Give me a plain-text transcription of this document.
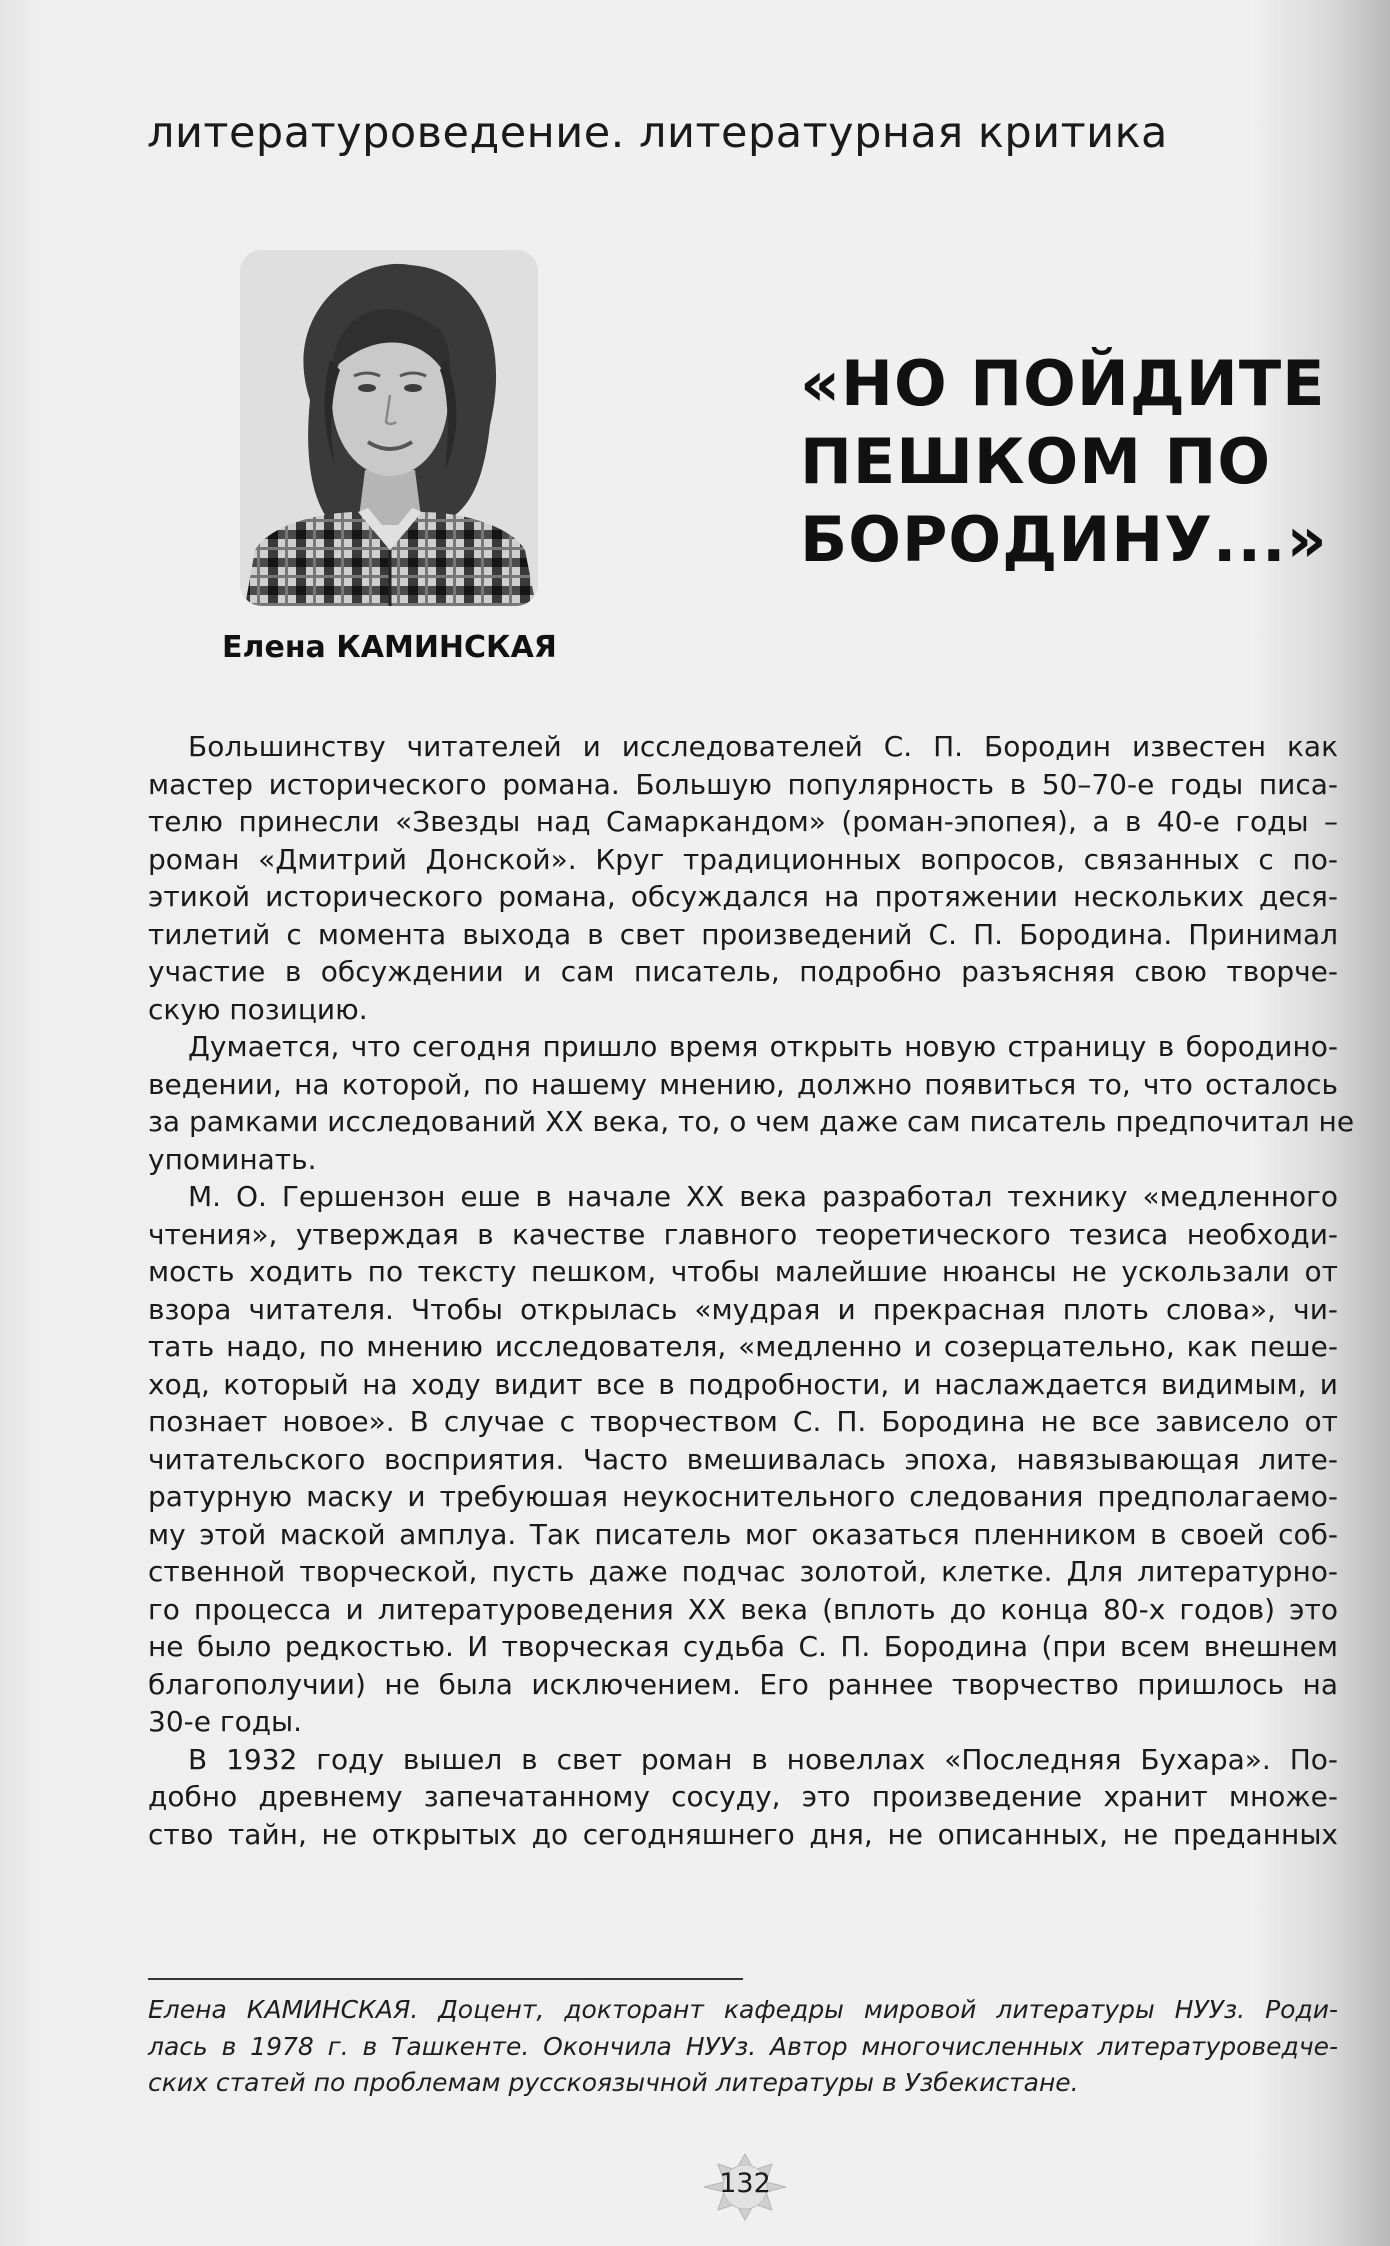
литературоведение. литературная критика
Елена КАМИНСКАЯ
«НО ПОЙДИТЕ
ПЕШКОМ ПО
БОРОДИНУ...»
Большинству читателей и исследователей С. П. Бородин известен как
мастер исторического романа. Большую популярность в 50–70-е годы писа-
телю принесли «Звезды над Самаркандом» (роман-эпопея), а в 40-е годы –
роман «Дмитрий Донской». Круг традиционных вопросов, связанных с по-
этикой исторического романа, обсуждался на протяжении нескольких деся-
тилетий с момента выхода в свет произведений С. П. Бородина. Принимал
участие в обсуждении и сам писатель, подробно разъясняя свою творче-
скую позицию.
Думается, что сегодня пришло время открыть новую страницу в бородино-
ведении, на которой, по нашему мнению, должно появиться то, что осталось
за рамками исследований XX века, то, о чем даже сам писатель предпочитал не
упоминать.
М. О. Гершензон еше в начале XX века разработал технику «медленного
чтения», утверждая в качестве главного теоретического тезиса необходи-
мость ходить по тексту пешком, чтобы малейшие нюансы не ускользали от
взора читателя. Чтобы открылась «мудрая и прекрасная плоть слова», чи-
тать надо, по мнению исследователя, «медленно и созерцательно, как пеше-
ход, который на ходу видит все в подробности, и наслаждается видимым, и
познает новое». В случае с творчеством С. П. Бородина не все зависело от
читательского восприятия. Часто вмешивалась эпоха, навязывающая лите-
ратурную маску и требуюшая неукоснительного следования предполагаемо-
му этой маской амплуа. Так писатель мог оказаться пленником в своей соб-
ственной творческой, пусть даже подчас золотой, клетке. Для литературно-
го процесса и литературоведения XX века (вплоть до конца 80-х годов) это
не было редкостью. И творческая судьба С. П. Бородина (при всем внешнем
благополучии) не была исключением. Его раннее творчество пришлось на
30-е годы.
В 1932 году вышел в свет роман в новеллах «Последняя Бухара». По-
добно древнему запечатанному сосуду, это произведение хранит множе-
ство тайн, не открытых до сегодняшнего дня, не описанных, не преданных
Елена КАМИНСКАЯ. Доцент, докторант кафедры мировой литературы НУУз. Роди-
лась в 1978 г. в Ташкенте. Окончила НУУз. Автор многочисленных литературоведче-
ских статей по проблемам русскоязычной литературы в Узбекистане.
132
